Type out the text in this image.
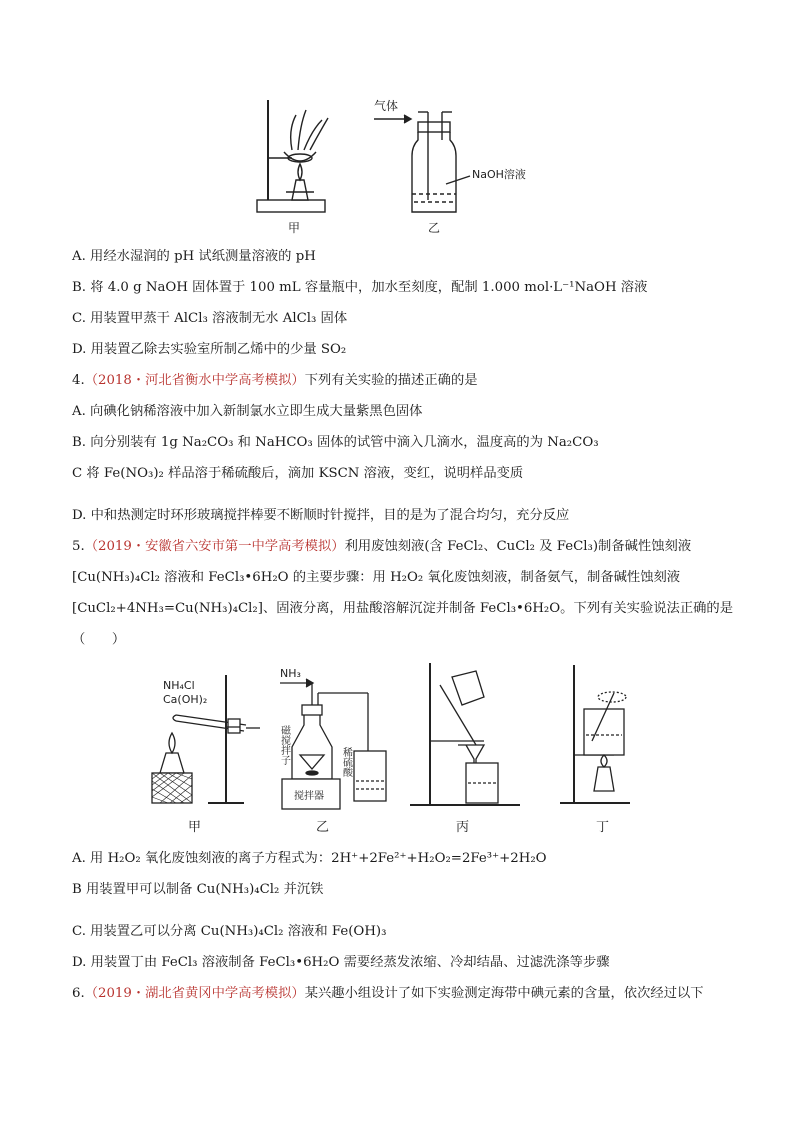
气体
NaOH溶液
甲	乙
A. 用经水湿润的 pH 试纸测量溶液的 pH
B. 将 4.0 g NaOH 固体置于 100 mL 容量瓶中，加水至刻度，配制 1.000 mol·L⁻¹NaOH 溶液
C. 用装置甲蒸干 AlCl₃ 溶液制无水 AlCl₃ 固体
D. 用装置乙除去实验室所制乙烯中的少量 SO₂
4.（2018・河北省衡水中学高考模拟）下列有关实验的描述正确的是
A. 向碘化钠稀溶液中加入新制氯水立即生成大量紫黑色固体
B. 向分别装有 1g Na₂CO₃ 和 NaHCO₃ 固体的试管中滴入几滴水，温度高的为 Na₂CO₃
C 将 Fe(NO₃)₂ 样品溶于稀硫酸后，滴加 KSCN 溶液，变红，说明样品变质
D. 中和热测定时环形玻璃搅拌棒要不断顺时针搅拌，目的是为了混合均匀，充分反应
5.（2019・安徽省六安市第一中学高考模拟）利用废蚀刻液(含 FeCl₂、CuCl₂ 及 FeCl₃)制备碱性蚀刻液
[Cu(NH₃)₄Cl₂ 溶液和 FeCl₃•6H₂O 的主要步骤：用 H₂O₂ 氧化废蚀刻液，制备氨气，制备碱性蚀刻液
[CuCl₂+4NH₃=Cu(NH₃)₄Cl₂]、固液分离，用盐酸溶解沉淀并制备 FeCl₃•6H₂O。下列有关实验说法正确的是
（　　）
NH₄Cl
Ca(OH)₂
NH₃
磁搅拌子	稀硫酸
搅拌器
甲	乙	丙	丁
A. 用 H₂O₂ 氧化废蚀刻液的离子方程式为：2H⁺+2Fe²⁺+H₂O₂=2Fe³⁺+2H₂O
B 用装置甲可以制备 Cu(NH₃)₄Cl₂ 并沉铁
C. 用装置乙可以分离 Cu(NH₃)₄Cl₂ 溶液和 Fe(OH)₃
D. 用装置丁由 FeCl₃ 溶液制备 FeCl₃•6H₂O 需要经蒸发浓缩、冷却结晶、过滤洗涤等步骤
6.（2019・湖北省黄冈中学高考模拟）某兴趣小组设计了如下实验测定海带中碘元素的含量，依次经过以下
